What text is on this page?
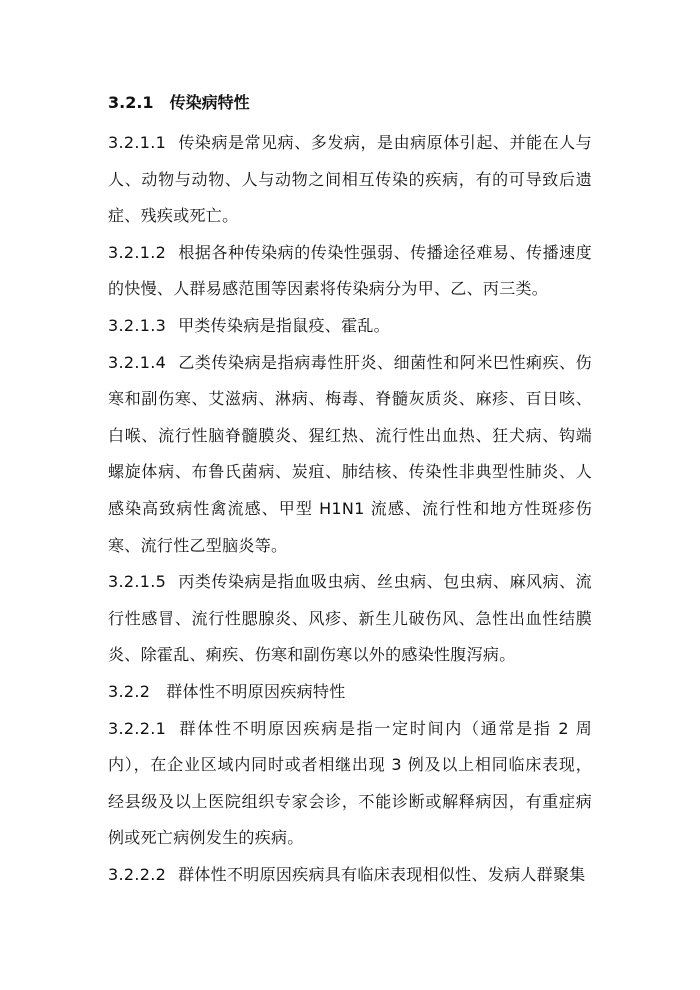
3.2.1 传染病特性

3.2.1.1 传染病是常见病、多发病，是由病原体引起、并能在人与人、动物与动物、人与动物之间相互传染的疾病，有的可导致后遗症、残疾或死亡。

3.2.1.2 根据各种传染病的传染性强弱、传播途径难易、传播速度的快慢、人群易感范围等因素将传染病分为甲、乙、丙三类。

3.2.1.3 甲类传染病是指鼠疫、霍乱。

3.2.1.4 乙类传染病是指病毒性肝炎、细菌性和阿米巴性痢疾、伤寒和副伤寒、艾滋病、淋病、梅毒、脊髓灰质炎、麻疹、百日咳、白喉、流行性脑脊髓膜炎、猩红热、流行性出血热、狂犬病、钩端螺旋体病、布鲁氏菌病、炭疽、肺结核、传染性非典型性肺炎、人感染高致病性禽流感、甲型 H1N1 流感、流行性和地方性斑疹伤寒、流行性乙型脑炎等。

3.2.1.5 丙类传染病是指血吸虫病、丝虫病、包虫病、麻风病、流行性感冒、流行性腮腺炎、风疹、新生儿破伤风、急性出血性结膜炎、除霍乱、痢疾、伤寒和副伤寒以外的感染性腹泻病。

3.2.2 群体性不明原因疾病特性

3.2.2.1 群体性不明原因疾病是指一定时间内（通常是指 2 周内），在企业区域内同时或者相继出现 3 例及以上相同临床表现，经县级及以上医院组织专家会诊，不能诊断或解释病因，有重症病例或死亡病例发生的疾病。

3.2.2.2 群体性不明原因疾病具有临床表现相似性、发病人群聚集
